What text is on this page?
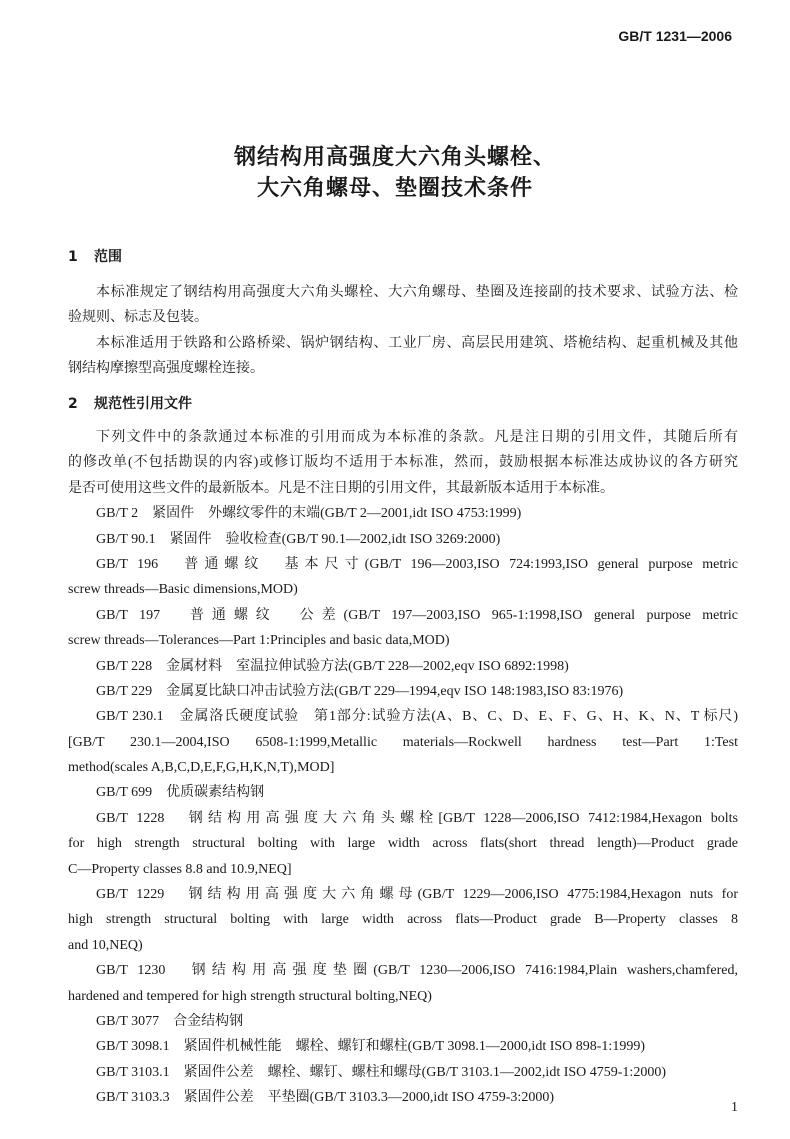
GB/T 1231—2006
钢结构用高强度大六角头螺栓、
大六角螺母、垫圈技术条件
1 范围
本标准规定了钢结构用高强度大六角头螺栓、大六角螺母、垫圈及连接副的技术要求、试验方法、检
验规则、标志及包装。
本标准适用于铁路和公路桥梁、锅炉钢结构、工业厂房、高层民用建筑、塔桅结构、起重机械及其他
钢结构摩擦型高强度螺栓连接。
2 规范性引用文件
下列文件中的条款通过本标准的引用而成为本标准的条款。凡是注日期的引用文件，其随后所有
的修改单(不包括勘误的内容)或修订版均不适用于本标准，然而，鼓励根据本标准达成协议的各方研究
是否可使用这些文件的最新版本。凡是不注日期的引用文件，其最新版本适用于本标准。
GB/T 2　紧固件　外螺纹零件的末端(GB/T 2—2001,idt ISO 4753:1999)
GB/T 90.1　紧固件　验收检查(GB/T 90.1—2002,idt ISO 3269:2000)
GB/T 196　普通螺纹　基本尺寸(GB/T 196—2003,ISO 724:1993,ISO general purpose metric
screw threads—Basic dimensions,MOD)
GB/T 197　普通螺纹　公差(GB/T 197—2003,ISO 965-1:1998,ISO general purpose metric
screw threads—Tolerances—Part 1:Principles and basic data,MOD)
GB/T 228　金属材料　室温拉伸试验方法(GB/T 228—2002,eqv ISO 6892:1998)
GB/T 229　金属夏比缺口冲击试验方法(GB/T 229—1994,eqv ISO 148:1983,ISO 83:1976)
GB/T 230.1　金属洛氏硬度试验　第1部分:试验方法(A、B、C、D、E、F、G、H、K、N、T 标尺)
[GB/T 230.1—2004,ISO 6508-1:1999,Metallic materials—Rockwell hardness test—Part 1:Test
method(scales A,B,C,D,E,F,G,H,K,N,T),MOD]
GB/T 699　优质碳素结构钢
GB/T 1228　钢结构用高强度大六角头螺栓[GB/T 1228—2006,ISO 7412:1984,Hexagon bolts
for high strength structural bolting with large width across flats(short thread length)—Product grade
C—Property classes 8.8 and 10.9,NEQ]
GB/T 1229　钢结构用高强度大六角螺母(GB/T 1229—2006,ISO 4775:1984,Hexagon nuts for
high strength structural bolting with large width across flats—Product grade B—Property classes 8
and 10,NEQ)
GB/T 1230　钢结构用高强度垫圈(GB/T 1230—2006,ISO 7416:1984,Plain washers,chamfered,
hardened and tempered for high strength structural bolting,NEQ)
GB/T 3077　合金结构钢
GB/T 3098.1　紧固件机械性能　螺栓、螺钉和螺柱(GB/T 3098.1—2000,idt ISO 898-1:1999)
GB/T 3103.1　紧固件公差　螺栓、螺钉、螺柱和螺母(GB/T 3103.1—2002,idt ISO 4759-1:2000)
GB/T 3103.3　紧固件公差　平垫圈(GB/T 3103.3—2000,idt ISO 4759-3:2000)
1
